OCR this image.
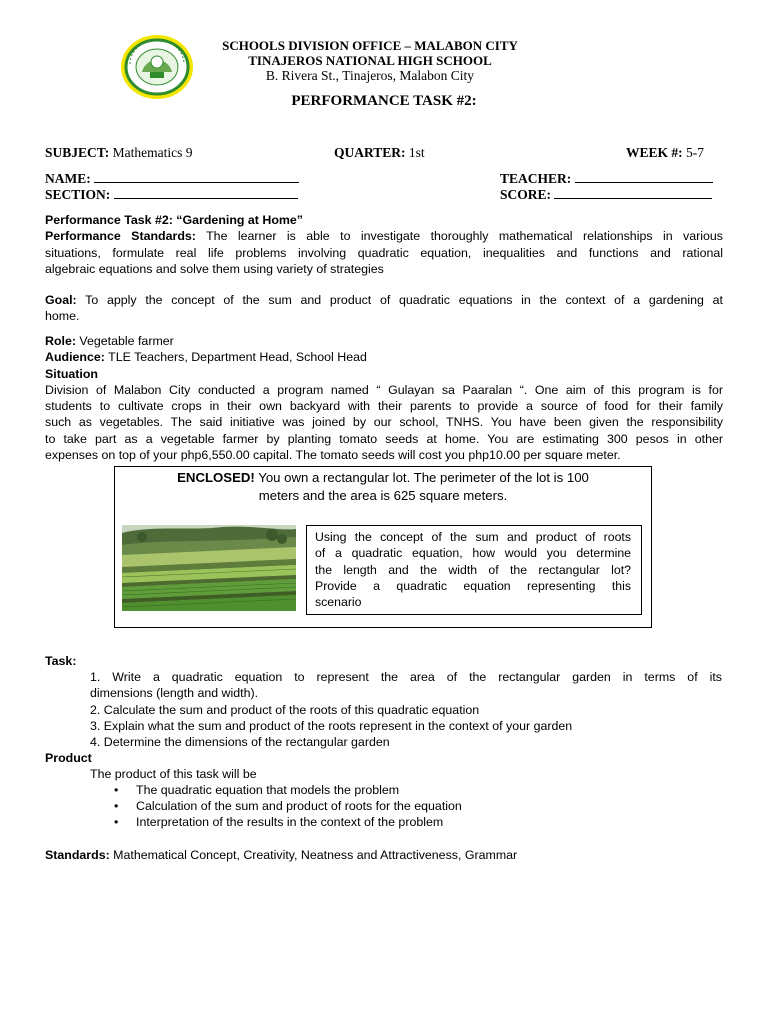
SCHOOLS DIVISION OFFICE – MALABON CITY
TINAJEROS NATIONAL HIGH SCHOOL
B. Rivera St., Tinajeros, Malabon City
PERFORMANCE TASK #2:
SUBJECT: Mathematics 9	QUARTER: 1st	WEEK #: 5-7
NAME:	TEACHER:
SECTION:	SCORE:
Performance Task #2: “Gardening at Home”
Performance Standards: The learner is able to investigate thoroughly mathematical relationships in various
situations, formulate real life problems involving quadratic equation, inequalities and functions and rational
algebraic equations and solve them using variety of strategies
Goal: To apply the concept of the sum and product of quadratic equations in the context of a gardening at
home.
Role: Vegetable farmer
Audience: TLE Teachers, Department Head, School Head
Situation
Division of Malabon City conducted a program named “ Gulayan sa Paaralan “. One aim of this program is for
students to cultivate crops in their own backyard with their parents to provide a source of food for their family
such as vegetables. The said initiative was joined by our school, TNHS. You have been given the responsibility
to take part as a vegetable farmer by planting tomato seeds at home. You are estimating 300 pesos in other
expenses on top of your php6,550.00 capital. The tomato seeds will cost you php10.00 per square meter.
ENCLOSED! You own a rectangular lot. The perimeter of the lot is 100
meters and the area is 625 square meters.
Using the concept of the sum and product of roots
of a quadratic equation, how would you determine
the length and the width of the rectangular lot?
Provide a quadratic equation representing this
scenario
Task:
1. Write a quadratic equation to represent the area of the rectangular garden in terms of its
dimensions (length and width).
2. Calculate the sum and product of the roots of this quadratic equation
3. Explain what the sum and product of the roots represent in the context of your garden
4. Determine the dimensions of the rectangular garden
Product
The product of this task will be
• The quadratic equation that models the problem
• Calculation of the sum and product of roots for the equation
• Interpretation of the results in the context of the problem
Standards: Mathematical Concept, Creativity, Neatness and Attractiveness, Grammar
